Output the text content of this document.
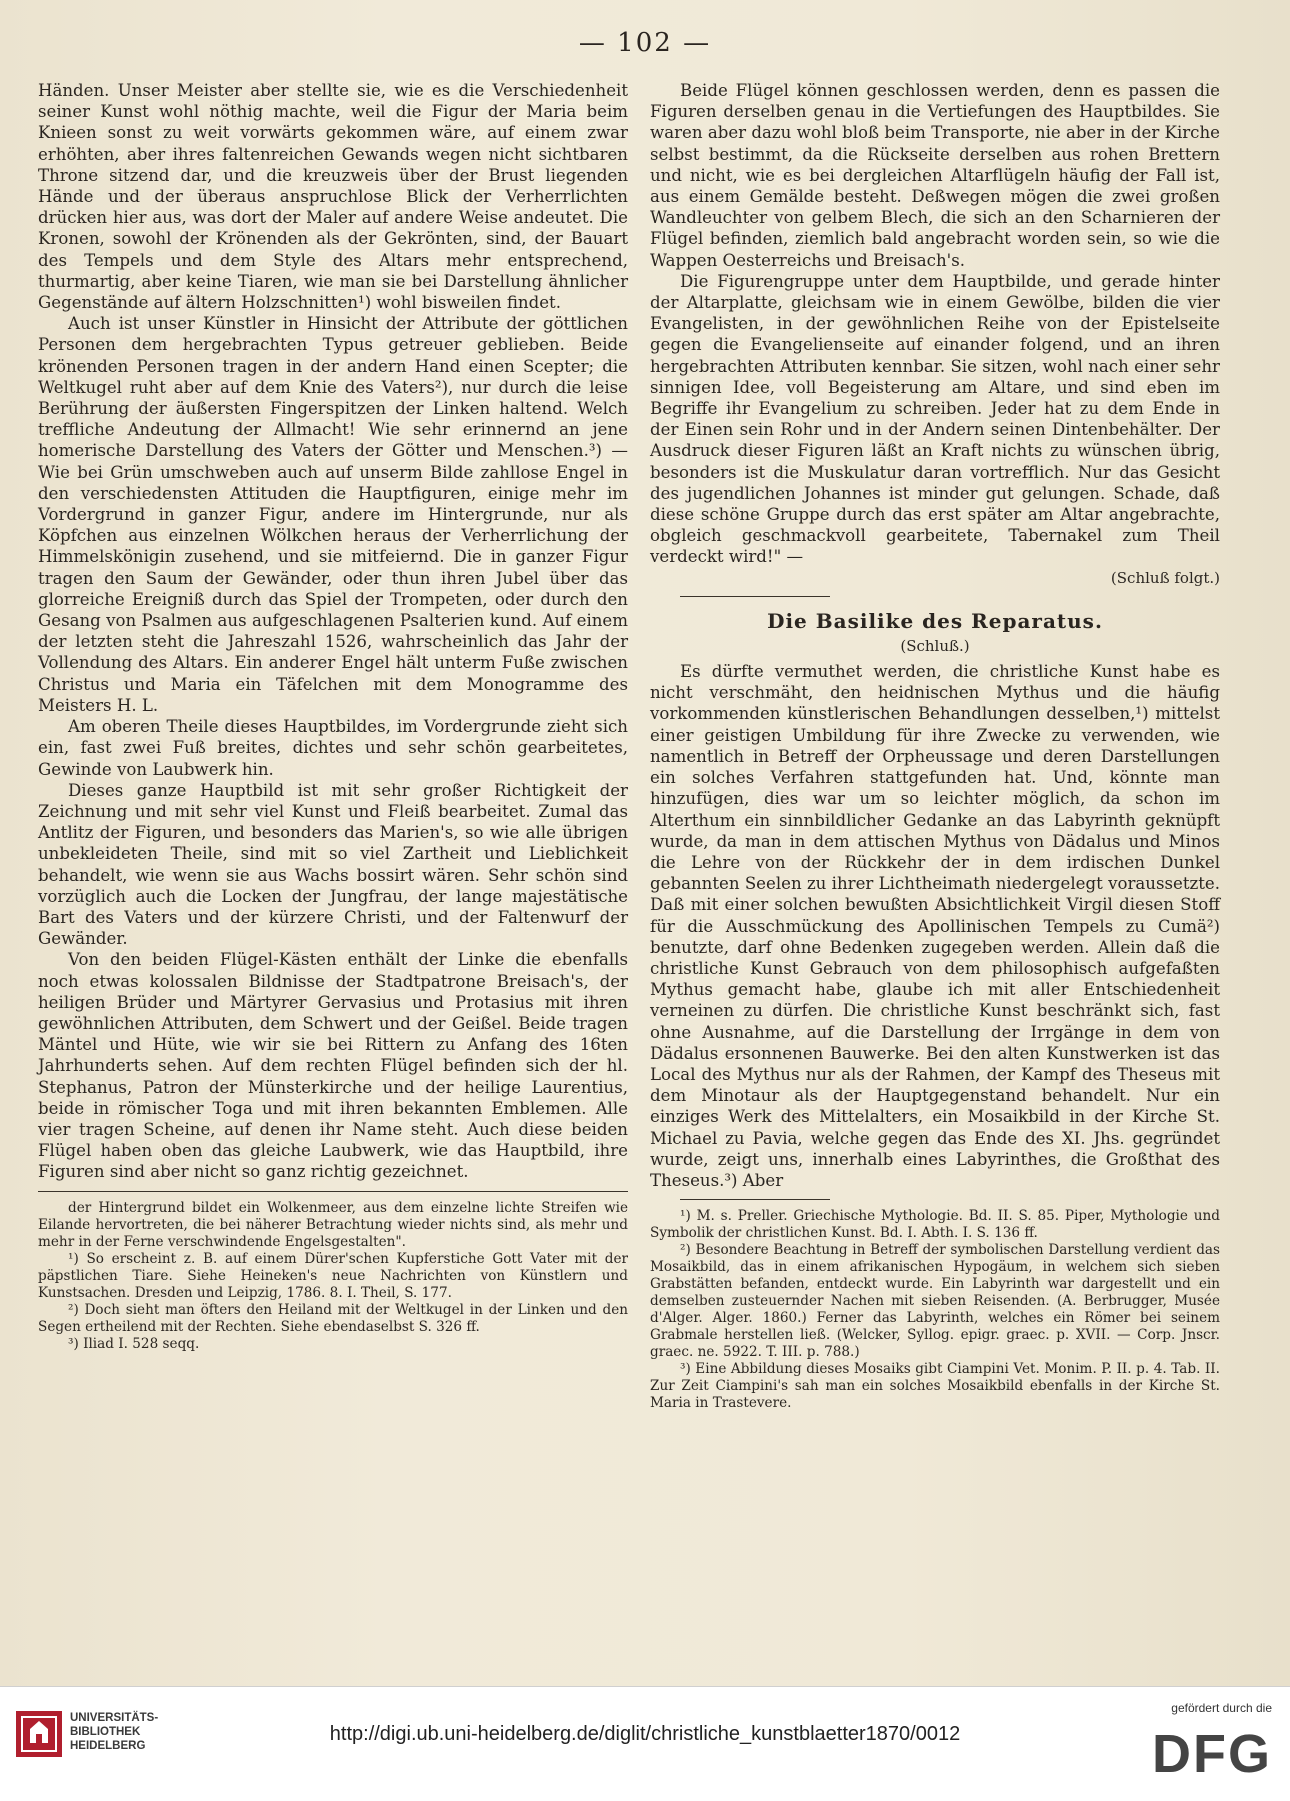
— 102 —

Händen. Unser Meister aber stellte sie, wie es die Verschiedenheit seiner Kunst wohl nöthig machte, weil die Figur der Maria beim Knieen sonst zu weit vorwärts gekommen wäre, auf einem zwar erhöhten, aber ihres faltenreichen Gewands wegen nicht sichtbaren Throne sitzend dar, und die kreuzweis über der Brust liegenden Hände und der überaus anspruchlose Blick der Verherrlichten drücken hier aus, was dort der Maler auf andere Weise andeutet. Die Kronen, sowohl der Krönenden als der Gekrönten, sind, der Bauart des Tempels und dem Style des Altars mehr entsprechend, thurmartig, aber keine Tiaren, wie man sie bei Darstellung ähnlicher Gegenstände auf ältern Holzschnitten¹) wohl bisweilen findet.

Auch ist unser Künstler in Hinsicht der Attribute der göttlichen Personen dem hergebrachten Typus getreuer geblieben. Beide krönenden Personen tragen in der andern Hand einen Scepter; die Weltkugel ruht aber auf dem Knie des Vaters²), nur durch die leise Berührung der äußersten Fingerspitzen der Linken haltend. Welch treffliche Andeutung der Allmacht! Wie sehr erinnernd an jene homerische Darstellung des Vaters der Götter und Menschen.³) — Wie bei Grün umschweben auch auf unserm Bilde zahllose Engel in den verschiedensten Attituden die Hauptfiguren, einige mehr im Vordergrund in ganzer Figur, andere im Hintergrunde, nur als Köpfchen aus einzelnen Wölkchen heraus der Verherrlichung der Himmelskönigin zusehend, und sie mitfeiernd. Die in ganzer Figur tragen den Saum der Gewänder, oder thun ihren Jubel über das glorreiche Ereigniß durch das Spiel der Trompeten, oder durch den Gesang von Psalmen aus aufgeschlagenen Psalterien kund. Auf einem der letzten steht die Jahreszahl 1526, wahrscheinlich das Jahr der Vollendung des Altars. Ein anderer Engel hält unterm Fuße zwischen Christus und Maria ein Täfelchen mit dem Monogramme des Meisters H. L.

Am oberen Theile dieses Hauptbildes, im Vordergrunde zieht sich ein, fast zwei Fuß breites, dichtes und sehr schön gearbeitetes, Gewinde von Laubwerk hin.

Dieses ganze Hauptbild ist mit sehr großer Richtigkeit der Zeichnung und mit sehr viel Kunst und Fleiß bearbeitet. Zumal das Antlitz der Figuren, und besonders das Marien's, so wie alle übrigen unbekleideten Theile, sind mit so viel Zartheit und Lieblichkeit behandelt, wie wenn sie aus Wachs bossirt wären. Sehr schön sind vorzüglich auch die Locken der Jungfrau, der lange majestätische Bart des Vaters und der kürzere Christi, und der Faltenwurf der Gewänder.

Von den beiden Flügel-Kästen enthält der Linke die ebenfalls noch etwas kolossalen Bildnisse der Stadtpatrone Breisach's, der heiligen Brüder und Märtyrer Gervasius und Protasius mit ihren gewöhnlichen Attributen, dem Schwert und der Geißel. Beide tragen Mäntel und Hüte, wie wir sie bei Rittern zu Anfang des 16ten Jahrhunderts sehen. Auf dem rechten Flügel befinden sich der hl. Stephanus, Patron der Münsterkirche und der heilige Laurentius, beide in römischer Toga und mit ihren bekannten Emblemen. Alle vier tragen Scheine, auf denen ihr Name steht. Auch diese beiden Flügel haben oben das gleiche Laubwerk, wie das Hauptbild, ihre Figuren sind aber nicht so ganz richtig gezeichnet.

der Hintergrund bildet ein Wolkenmeer, aus dem einzelne lichte Streifen wie Eilande hervortreten, die bei näherer Betrachtung wieder nichts sind, als mehr und mehr in der Ferne verschwindende Engelsgestalten".

¹) So erscheint z. B. auf einem Dürer'schen Kupferstiche Gott Vater mit der päpstlichen Tiare. Siehe Heineken's neue Nachrichten von Künstlern und Kunstsachen. Dresden und Leipzig, 1786. 8. I. Theil, S. 177.

²) Doch sieht man öfters den Heiland mit der Weltkugel in der Linken und den Segen ertheilend mit der Rechten. Siehe ebendaselbst S. 326 ff.

³) Iliad I. 528 seqq.

Beide Flügel können geschlossen werden, denn es passen die Figuren derselben genau in die Vertiefungen des Hauptbildes. Sie waren aber dazu wohl bloß beim Transporte, nie aber in der Kirche selbst bestimmt, da die Rückseite derselben aus rohen Brettern und nicht, wie es bei dergleichen Altarflügeln häufig der Fall ist, aus einem Gemälde besteht. Deßwegen mögen die zwei großen Wandleuchter von gelbem Blech, die sich an den Scharnieren der Flügel befinden, ziemlich bald angebracht worden sein, so wie die Wappen Oesterreichs und Breisach's.

Die Figurengruppe unter dem Hauptbilde, und gerade hinter der Altarplatte, gleichsam wie in einem Gewölbe, bilden die vier Evangelisten, in der gewöhnlichen Reihe von der Epistelseite gegen die Evangelienseite auf einander folgend, und an ihren hergebrachten Attributen kennbar. Sie sitzen, wohl nach einer sehr sinnigen Idee, voll Begeisterung am Altare, und sind eben im Begriffe ihr Evangelium zu schreiben. Jeder hat zu dem Ende in der Einen sein Rohr und in der Andern seinen Dintenbehälter. Der Ausdruck dieser Figuren läßt an Kraft nichts zu wünschen übrig, besonders ist die Muskulatur daran vortrefflich. Nur das Gesicht des jugendlichen Johannes ist minder gut gelungen. Schade, daß diese schöne Gruppe durch das erst später am Altar angebrachte, obgleich geschmackvoll gearbeitete, Tabernakel zum Theil verdeckt wird!" —

(Schluß folgt.)

Die Basilike des Reparatus.
(Schluß.)

Es dürfte vermuthet werden, die christliche Kunst habe es nicht verschmäht, den heidnischen Mythus und die häufig vorkommenden künstlerischen Behandlungen desselben,¹) mittelst einer geistigen Umbildung für ihre Zwecke zu verwenden, wie namentlich in Betreff der Orpheussage und deren Darstellungen ein solches Verfahren stattgefunden hat. Und, könnte man hinzufügen, dies war um so leichter möglich, da schon im Alterthum ein sinnbildlicher Gedanke an das Labyrinth geknüpft wurde, da man in dem attischen Mythus von Dädalus und Minos die Lehre von der Rückkehr der in dem irdischen Dunkel gebannten Seelen zu ihrer Lichtheimath niedergelegt voraussetzte. Daß mit einer solchen bewußten Absichtlichkeit Virgil diesen Stoff für die Ausschmückung des Apollinischen Tempels zu Cumä²) benutzte, darf ohne Bedenken zugegeben werden. Allein daß die christliche Kunst Gebrauch von dem philosophisch aufgefaßten Mythus gemacht habe, glaube ich mit aller Entschiedenheit verneinen zu dürfen. Die christliche Kunst beschränkt sich, fast ohne Ausnahme, auf die Darstellung der Irrgänge in dem von Dädalus ersonnenen Bauwerke. Bei den alten Kunstwerken ist das Local des Mythus nur als der Rahmen, der Kampf des Theseus mit dem Minotaur als der Hauptgegenstand behandelt. Nur ein einziges Werk des Mittelalters, ein Mosaikbild in der Kirche St. Michael zu Pavia, welche gegen das Ende des XI. Jhs. gegründet wurde, zeigt uns, innerhalb eines Labyrinthes, die Großthat des Theseus.³) Aber

¹) M. s. Preller. Griechische Mythologie. Bd. II. S. 85. Piper, Mythologie und Symbolik der christlichen Kunst. Bd. I. Abth. I. S. 136 ff.

²) Besondere Beachtung in Betreff der symbolischen Darstellung verdient das Mosaikbild, das in einem afrikanischen Hypogäum, in welchem sich sieben Grabstätten befanden, entdeckt wurde. Ein Labyrinth war dargestellt und ein demselben zusteuernder Nachen mit sieben Reisenden. (A. Berbrugger, Musée d'Alger. Alger. 1860.) Ferner das Labyrinth, welches ein Römer bei seinem Grabmale herstellen ließ. (Welcker, Syllog. epigr. graec. p. XVII. — Corp. Jnscr. graec. ne. 5922. T. III. p. 788.)

³) Eine Abbildung dieses Mosaiks gibt Ciampini Vet. Monim. P. II. p. 4. Tab. II. Zur Zeit Ciampini's sah man ein solches Mosaikbild ebenfalls in der Kirche St. Maria in Trastevere.

UNIVERSITÄTS-
BIBLIOTHEK
HEIDELBERG
http://digi.ub.uni-heidelberg.de/diglit/christliche_kunstblaetter1870/0012
gefördert durch die
DFG
